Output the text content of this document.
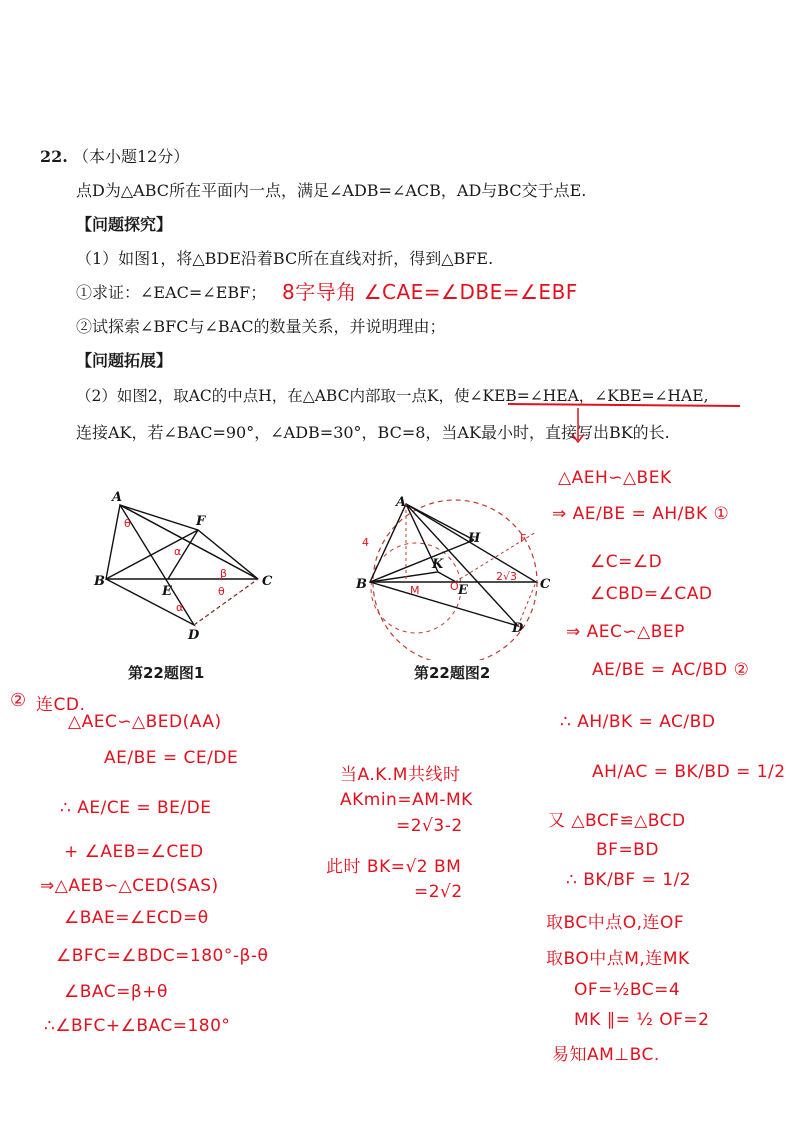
22. （本小题12分）
点D为△ABC所在平面内一点，满足∠ADB=∠ACB，AD与BC交于点E.
【问题探究】
（1）如图1，将△BDE沿着BC所在直线对折，得到△BFE.
①求证：∠EAC=∠EBF；
②试探索∠BFC与∠BAC的数量关系，并说明理由；
【问题拓展】
（2）如图2，取AC的中点H，在△ABC内部取一点K，使∠KEB=∠HEA，∠KBE=∠HAE,
连接AK，若∠BAC=90°，∠ADB=30°，BC=8，当AK最小时，直接写出BK的长.
8字导角 ∠CAE=∠DBE=∠EBF
A
B	C
D
E
F
θ
θ
α
α
β
第22题图1
A
B	C
D
E
H
K
M	O
F
4
2√3
第22题图2
② 连CD.
△AEC∽△BED(AA)
AE/BE = CE/DE
∴ AE/CE = BE/DE
+ ∠AEB=∠CED
⇒△AEB∽△CED(SAS)
∠BAE=∠ECD=θ
∠BFC=∠BDC=180°-β-θ
∠BAC=β+θ
∴∠BFC+∠BAC=180°
当A.K.M共线时
AKmin=AM-MK
=2√3-2
此时 BK=√2 BM
=2√2
△AEH∽△BEK
⇒ AE/BE = AH/BK ①
∠C=∠D
∠CBD=∠CAD
⇒ AEC∽△BEP
AE/BE = AC/BD ②
∴ AH/BK = AC/BD
AH/AC = BK/BD = 1/2
又 △BCF≌△BCD
BF=BD
∴ BK/BF = 1/2
取BC中点O,连OF
取BO中点M,连MK
OF=½BC=4
MK ∥= ½ OF=2
易知AM⊥BC.
